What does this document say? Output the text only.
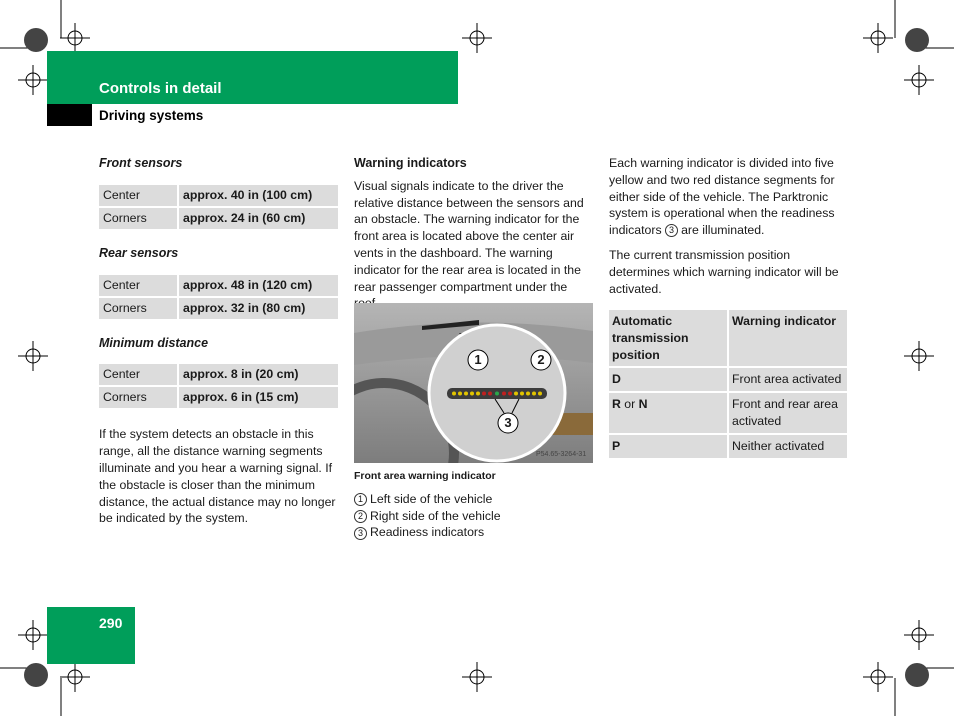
Controls in detail
Driving systems
290
Front sensors
Center	approx. 40 in (100 cm)
Corners	approx. 24 in (60 cm)
Rear sensors
Center	approx. 48 in (120 cm)
Corners	approx. 32 in (80 cm)
Minimum distance
Center	approx. 8 in (20 cm)
Corners	approx. 6 in (15 cm)
If the system detects an obstacle in this range, all the distance warning segments illuminate and you hear a warning signal. If the obstacle is closer than the minimum distance, the actual distance may no longer be indicated by the system.
Warning indicators
Visual signals indicate to the driver the relative distance between the sensors and an obstacle. The warning indicator for the front area is located above the center air vents in the dashboard. The warning indicator for the rear area is located in the rear passenger compartment under the
1	2
3
P54.65-3264-31
Front area warning indicator
1 Left side of the vehicle
2 Right side of the vehicle
3 Readiness indicators
Each warning indicator is divided into five yellow and two red distance segments for either side of the vehicle. The Parktronic system is operational when the readiness indicators 3 are illuminated.
The current transmission position determines which warning indicator will be activated.
Automatic transmission position	Warning indicator
D	Front area activated
R or N	Front and rear area activated
P	Neither activated
